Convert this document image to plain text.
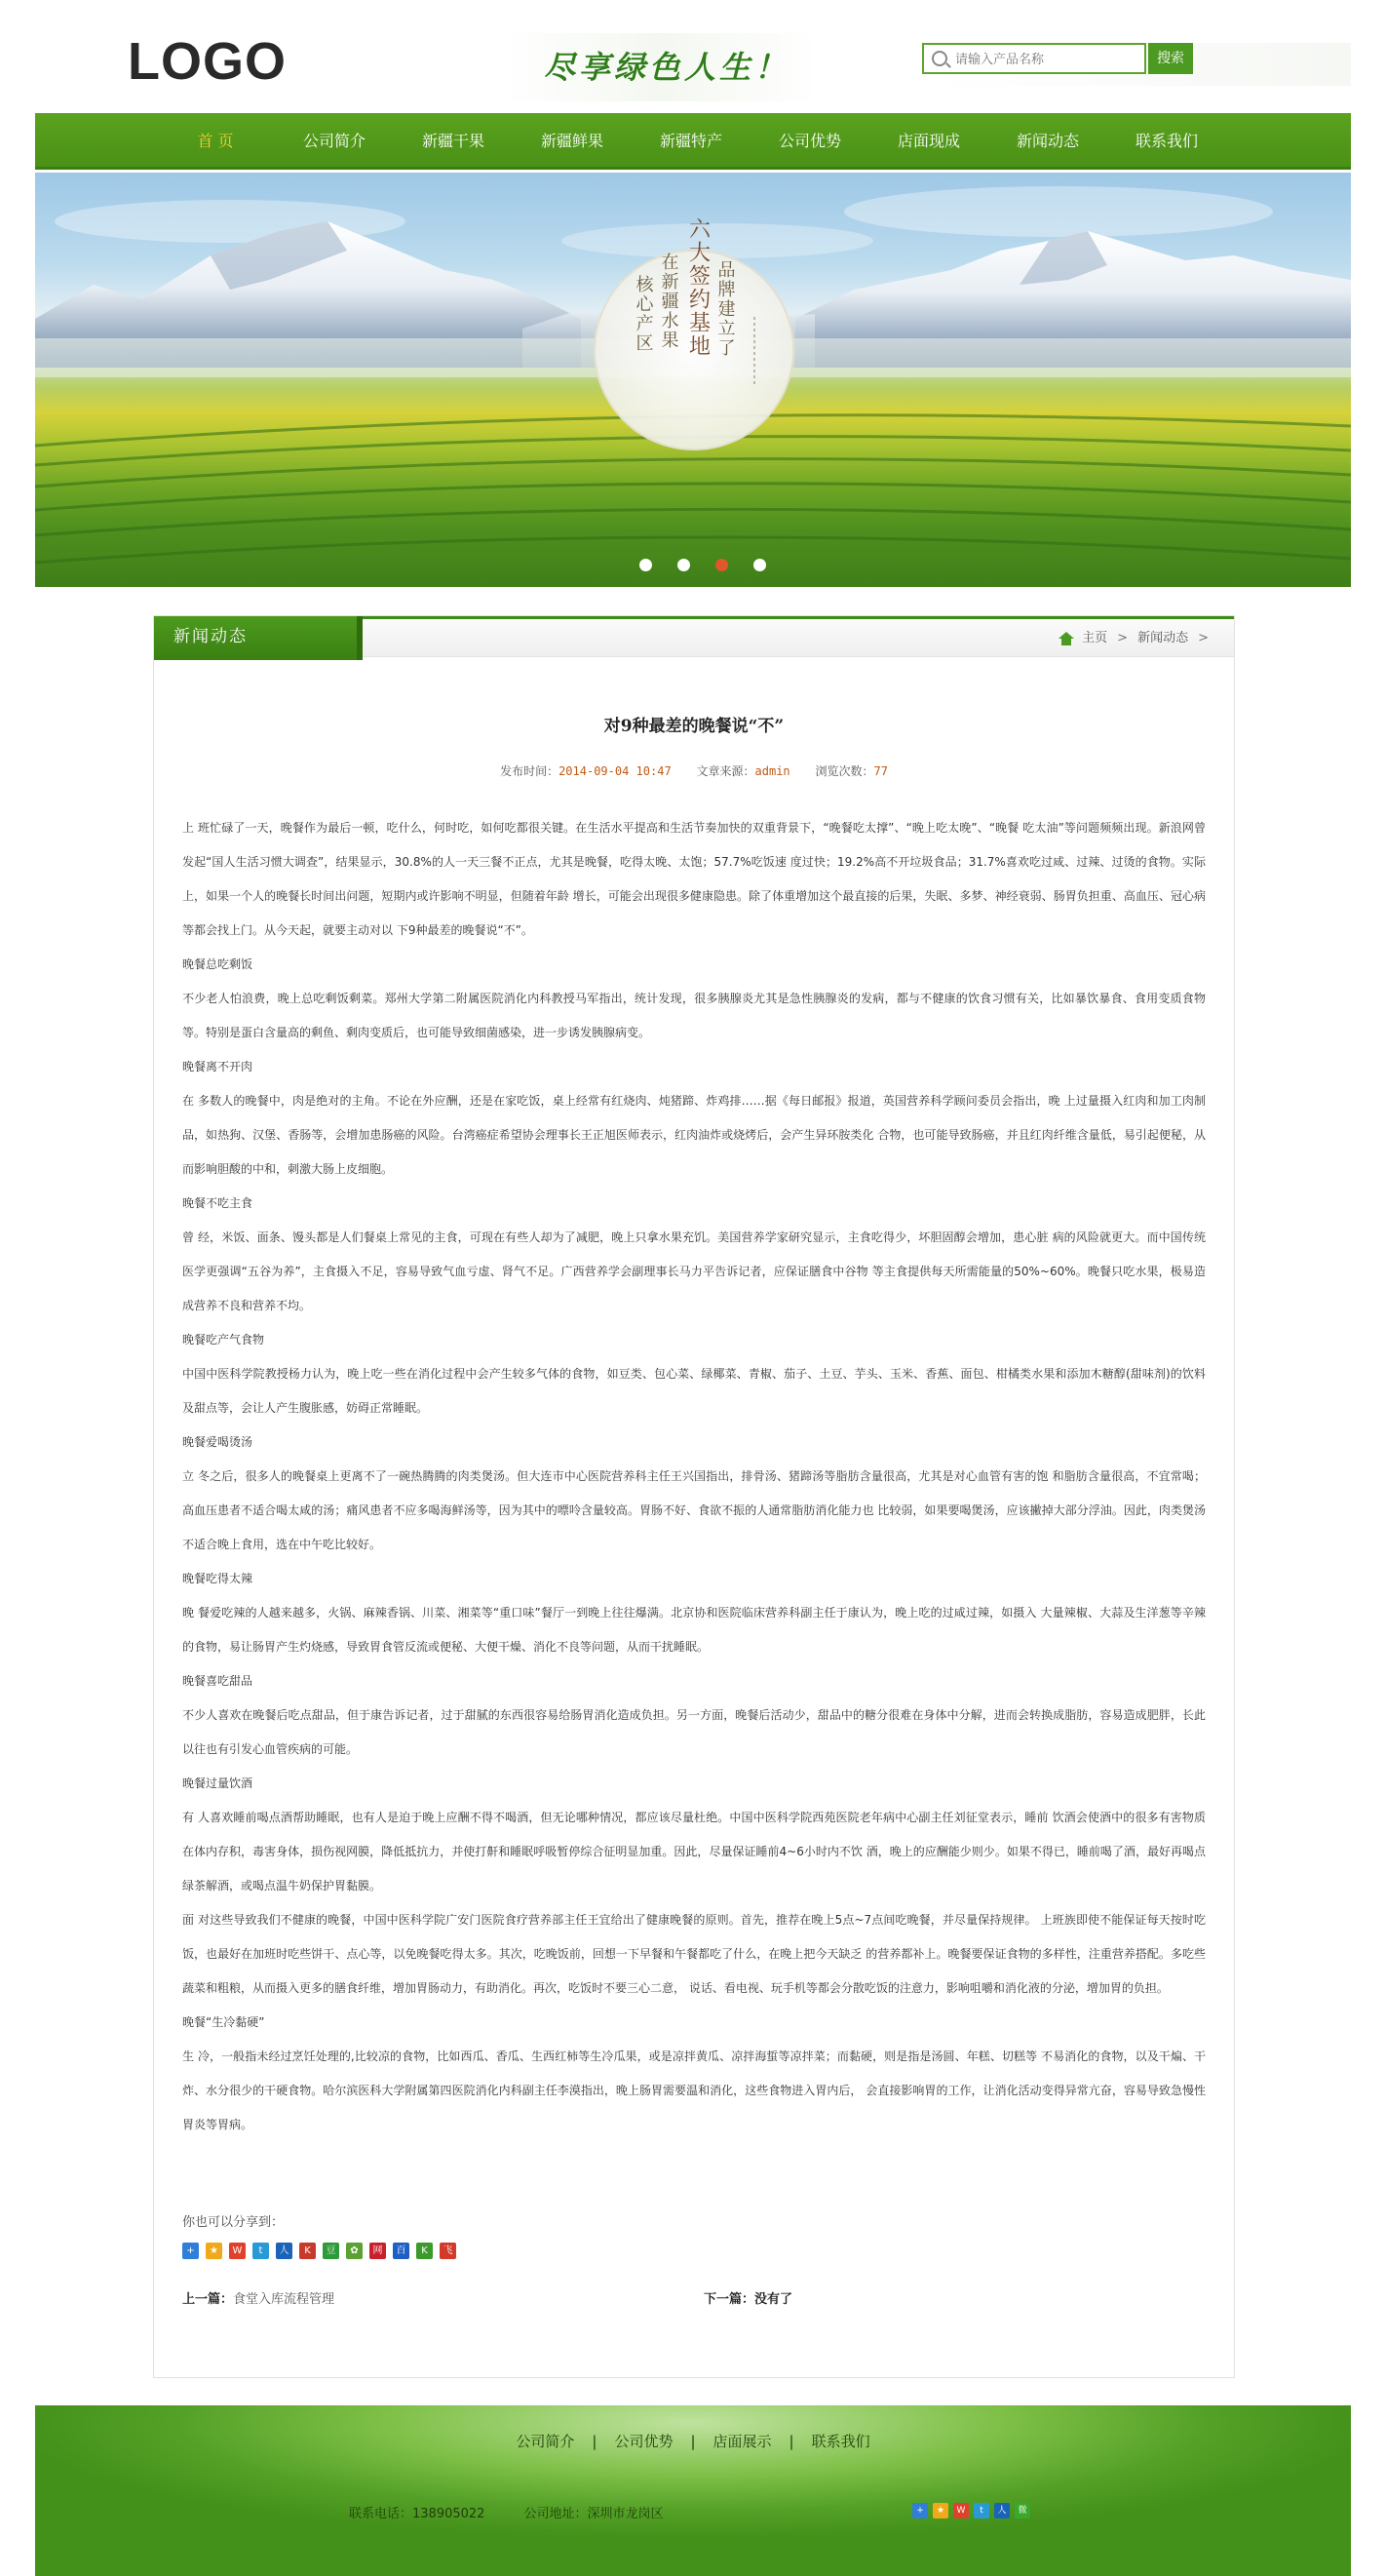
LOGO	尽享绿色人生！
请输入产品名称	搜索
首 页	公司简介	新疆干果	新疆鲜果	新疆特产	公司优势	店面现成	新闻动态	联系我们
品牌建立了
六大签约基地
在新疆水果
核心产区
新闻动态	主页 > 新闻动态 >
对9种最差的晚餐说“不”
发布时间：2014-09-04 10:47 文章来源：admin 浏览次数：77

上 班忙碌了一天，晚餐作为最后一顿，吃什么，何时吃，如何吃都很关键。在生活水平提高和生活节奏加快的双重背景下，“晚餐吃太撑”、“晚上吃太晚”、“晚餐 吃太油”等问题频频出现。新浪网曾发起“国人生活习惯大调查”，结果显示，30.8%的人一天三餐不正点，尤其是晚餐，吃得太晚、太饱；57.7%吃饭速 度过快；19.2%高不开垃圾食品；31.7%喜欢吃过咸、过辣、过烫的食物。实际上，如果一个人的晚餐长时间出问题，短期内或许影响不明显，但随着年龄 增长，可能会出现很多健康隐患。除了体重增加这个最直接的后果，失眠、多梦、神经衰弱、肠胃负担重、高血压、冠心病等都会找上门。从今天起，就要主动对以 下9种最差的晚餐说“不”。

晚餐总吃剩饭

不少老人怕浪费，晚上总吃剩饭剩菜。郑州大学第二附属医院消化内科教授马军指出，统计发现，很多胰腺炎尤其是急性胰腺炎的发病，都与不健康的饮食习惯有关，比如暴饮暴食、食用变质食物等。特别是蛋白含量高的剩鱼、剩肉变质后，也可能导致细菌感染，进一步诱发胰腺病变。

晚餐离不开肉

在 多数人的晚餐中，肉是绝对的主角。不论在外应酬，还是在家吃饭，桌上经常有红烧肉、炖猪蹄、炸鸡排……据《每日邮报》报道，英国营养科学顾问委员会指出，晚 上过量摄入红肉和加工肉制品，如热狗、汉堡、香肠等，会增加患肠癌的风险。台湾癌症希望协会理事长王正旭医师表示，红肉油炸或烧烤后，会产生异环胺类化 合物，也可能导致肠癌，并且红肉纤维含量低，易引起便秘，从而影响胆酸的中和，刺激大肠上皮细胞。

晚餐不吃主食

曾 经，米饭、面条、馒头都是人们餐桌上常见的主食，可现在有些人却为了减肥，晚上只拿水果充饥。美国营养学家研究显示，主食吃得少，坏胆固醇会增加，患心脏 病的风险就更大。而中国传统医学更强调“五谷为养”，主食摄入不足，容易导致气血亏虚、肾气不足。广西营养学会副理事长马力平告诉记者，应保证膳食中谷物 等主食提供每天所需能量的50%~60%。晚餐只吃水果，极易造成营养不良和营养不均。

晚餐吃产气食物

中国中医科学院教授杨力认为，晚上吃一些在消化过程中会产生较多气体的食物，如豆类、包心菜、绿椰菜、青椒、茄子、土豆、芋头、玉米、香蕉、面包、柑橘类水果和添加木糖醇(甜味剂)的饮料及甜点等，会让人产生腹胀感，妨碍正常睡眠。

晚餐爱喝烫汤

立 冬之后，很多人的晚餐桌上更离不了一碗热腾腾的肉类煲汤。但大连市中心医院营养科主任王兴国指出，排骨汤、猪蹄汤等脂肪含量很高，尤其是对心血管有害的饱 和脂肪含量很高，不宜常喝；高血压患者不适合喝太咸的汤；痛风患者不应多喝海鲜汤等，因为其中的嘌呤含量较高。胃肠不好、食欲不振的人通常脂肪消化能力也 比较弱，如果要喝煲汤，应该撇掉大部分浮油。因此，肉类煲汤不适合晚上食用，选在中午吃比较好。

晚餐吃得太辣

晚 餐爱吃辣的人越来越多，火锅、麻辣香锅、川菜、湘菜等“重口味”餐厅一到晚上往往爆满。北京协和医院临床营养科副主任于康认为，晚上吃的过咸过辣，如摄入 大量辣椒、大蒜及生洋葱等辛辣的食物，易让肠胃产生灼烧感，导致胃食管反流或便秘、大便干燥、消化不良等问题，从而干扰睡眠。

晚餐喜吃甜品

不少人喜欢在晚餐后吃点甜品，但于康告诉记者，过于甜腻的东西很容易给肠胃消化造成负担。另一方面，晚餐后活动少，甜品中的糖分很难在身体中分解，进而会转换成脂肪，容易造成肥胖，长此以往也有引发心血管疾病的可能。

晚餐过量饮酒

有 人喜欢睡前喝点酒帮助睡眠，也有人是迫于晚上应酬不得不喝酒，但无论哪种情况，都应该尽量杜绝。中国中医科学院西苑医院老年病中心副主任刘征堂表示，睡前 饮酒会使酒中的很多有害物质在体内存积，毒害身体，损伤视网膜，降低抵抗力，并使打鼾和睡眠呼吸暂停综合征明显加重。因此，尽量保证睡前4~6小时内不饮 酒，晚上的应酬能少则少。如果不得已，睡前喝了酒，最好再喝点绿茶解酒，或喝点温牛奶保护胃黏膜。

面 对这些导致我们不健康的晚餐，中国中医科学院广安门医院食疗营养部主任王宜给出了健康晚餐的原则。首先，推荐在晚上5点~7点间吃晚餐，并尽量保持规律。 上班族即使不能保证每天按时吃饭，也最好在加班时吃些饼干、点心等，以免晚餐吃得太多。其次，吃晚饭前，回想一下早餐和午餐都吃了什么，在晚上把今天缺乏 的营养都补上。晚餐要保证食物的多样性，注重营养搭配。多吃些蔬菜和粗粮，从而摄入更多的膳食纤维，增加胃肠动力，有助消化。再次，吃饭时不要三心二意， 说话、看电视、玩手机等都会分散吃饭的注意力，影响咀嚼和消化液的分泌，增加胃的负担。

晚餐“生冷黏硬”

生 冷，一般指未经过烹饪处理的,比较凉的食物，比如西瓜、香瓜、生西红柿等生冷瓜果，或是凉拌黄瓜、凉拌海蜇等凉拌菜；而黏硬，则是指是汤圆、年糕、切糕等 不易消化的食物，以及干煸、干炸、水分很少的干硬食物。哈尔滨医科大学附属第四医院消化内科副主任李漠指出，晚上肠胃需要温和消化，这些食物进入胃内后， 会直接影响胃的工作，让消化活动变得异常亢奋，容易导致急慢性胃炎等胃病。

你也可以分享到：
+	★	W	t	人	K	豆	✿	网	百	K	飞
上一篇：食堂入库流程管理	下一篇：没有了
公司简介 | 公司优势 | 店面展示 | 联系我们
联系电话：138905022	公司地址：深圳市龙岗区	+	★	W	t	人	微
